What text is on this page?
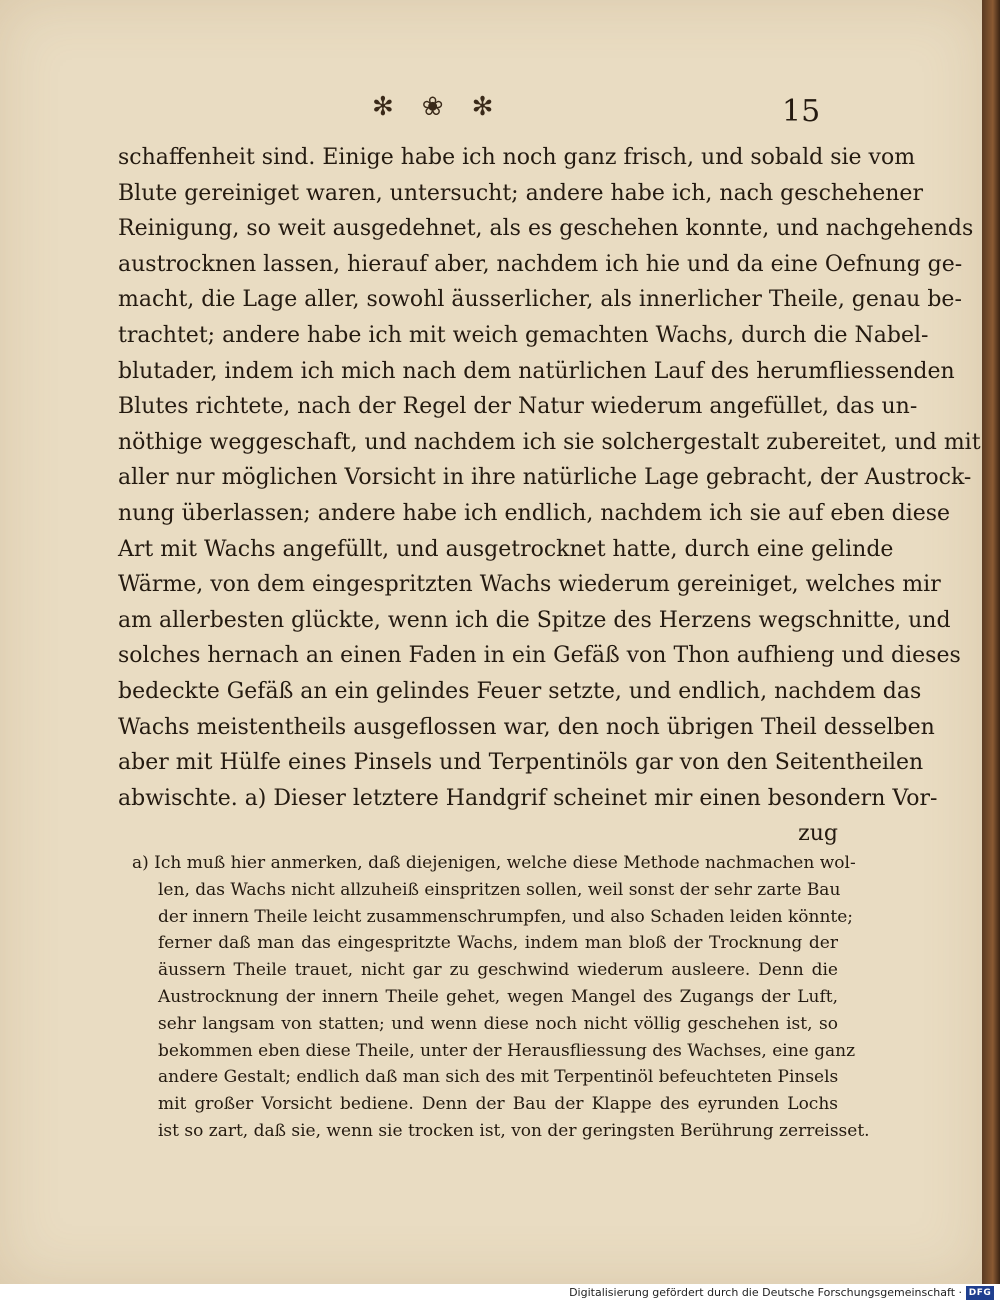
✻❀✻	15
schaffenheit sind. Einige habe ich noch ganz frisch, und sobald sie vom
Blute gereiniget waren, untersucht; andere habe ich, nach geschehener
Reinigung, so weit ausgedehnet, als es geschehen konnte, und nachgehends
austrocknen lassen, hierauf aber, nachdem ich hie und da eine Oefnung ge-
macht, die Lage aller, sowohl äusserlicher, als innerlicher Theile, genau be-
trachtet; andere habe ich mit weich gemachten Wachs, durch die Nabel-
blutader, indem ich mich nach dem natürlichen Lauf des herumfliessenden
Blutes richtete, nach der Regel der Natur wiederum angefüllet, das un-
nöthige weggeschaft, und nachdem ich sie solchergestalt zubereitet, und mit
aller nur möglichen Vorsicht in ihre natürliche Lage gebracht, der Austrock-
nung überlassen; andere habe ich endlich, nachdem ich sie auf eben diese
Art mit Wachs angefüllt, und ausgetrocknet hatte, durch eine gelinde
Wärme, von dem eingespritzten Wachs wiederum gereiniget, welches mir
am allerbesten glückte, wenn ich die Spitze des Herzens wegschnitte, und
solches hernach an einen Faden in ein Gefäß von Thon aufhieng und dieses
bedeckte Gefäß an ein gelindes Feuer setzte, und endlich, nachdem das
Wachs meistentheils ausgeflossen war, den noch übrigen Theil desselben
aber mit Hülfe eines Pinsels und Terpentinöls gar von den Seitentheilen
abwischte. a) Dieser letztere Handgrif scheinet mir einen besondern Vor-
zug
a) Ich muß hier anmerken, daß diejenigen, welche diese Methode nachmachen wol-
len, das Wachs nicht allzuheiß einspritzen sollen, weil sonst der sehr zarte Bau
der innern Theile leicht zusammenschrumpfen, und also Schaden leiden könnte;
ferner daß man das eingespritzte Wachs, indem man bloß der Trocknung der
äussern Theile trauet, nicht gar zu geschwind wiederum ausleere. Denn die
Austrocknung der innern Theile gehet, wegen Mangel des Zugangs der Luft,
sehr langsam von statten; und wenn diese noch nicht völlig geschehen ist, so
bekommen eben diese Theile, unter der Herausfliessung des Wachses, eine ganz
andere Gestalt; endlich daß man sich des mit Terpentinöl befeuchteten Pinsels
mit großer Vorsicht bediene. Denn der Bau der Klappe des eyrunden Lochs
ist so zart, daß sie, wenn sie trocken ist, von der geringsten Berührung zerreisset.
Digitalisierung gefördert durch die Deutsche Forschungsgemeinschaft · DFG
